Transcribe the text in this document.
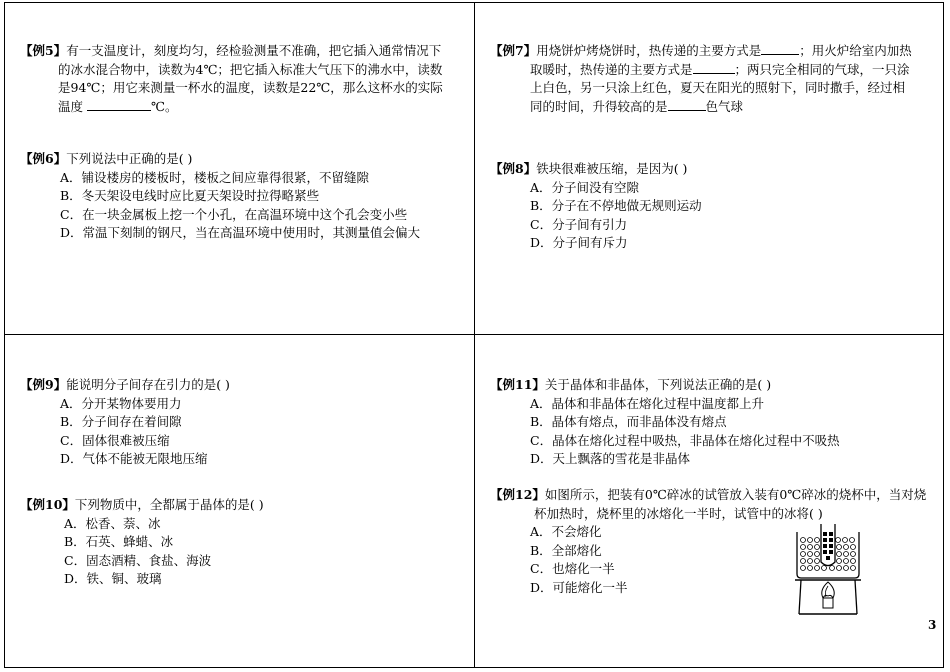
【例5】有一支温度计，刻度均匀，经检验测量不准确，把它插入通常情况下

的冰水混合物中，读数为4℃；把它插入标准大气压下的沸水中，读数

是94℃；用它来测量一杯水的温度，读数是22℃，那么这杯水的实际

温度	℃。

【例6】下列说法中正确的是( )

A．铺设楼房的楼板时，楼板之间应靠得很紧，不留缝隙

B．冬天架设电线时应比夏天架设时拉得略紧些

C．在一块金属板上挖一个小孔，在高温环境中这个孔会变小些

D．常温下刻制的钢尺，当在高温环境中使用时，其测量值会偏大

【例7】用烧饼炉烤烧饼时，热传递的主要方式是	；用火炉给室内加热

取暖时，热传递的主要方式是	；两只完全相同的气球，一只涂

上白色，另一只涂上红色，夏天在阳光的照射下，同时撒手，经过相

同的时间，升得较高的是	色气球

【例8】铁块很难被压缩，是因为( )

A．分子间没有空隙

B．分子在不停地做无规则运动

C．分子间有引力

D．分子间有斥力

【例9】能说明分子间存在引力的是( )

A．分开某物体要用力

B．分子间存在着间隙

C．固体很难被压缩

D．气体不能被无限地压缩

【例10】下列物质中，全都属于晶体的是( )

A．松香、萘、冰

B．石英、蜂蜡、冰

C．固态酒精、食盐、海波

D．铁、铜、玻璃

【例11】关于晶体和非晶体，下列说法正确的是( )

A．晶体和非晶体在熔化过程中温度都上升

B．晶体有熔点，而非晶体没有熔点

C．晶体在熔化过程中吸热，非晶体在熔化过程中不吸热

D．天上飘落的雪花是非晶体

【例12】如图所示，把装有0℃碎冰的试管放入装有0℃碎冰的烧杯中，当对烧

杯加热时，烧杯里的冰熔化一半时，试管中的冰将( )

A．不会熔化

B．全部熔化

C．也熔化一半

D．可能熔化一半

3
